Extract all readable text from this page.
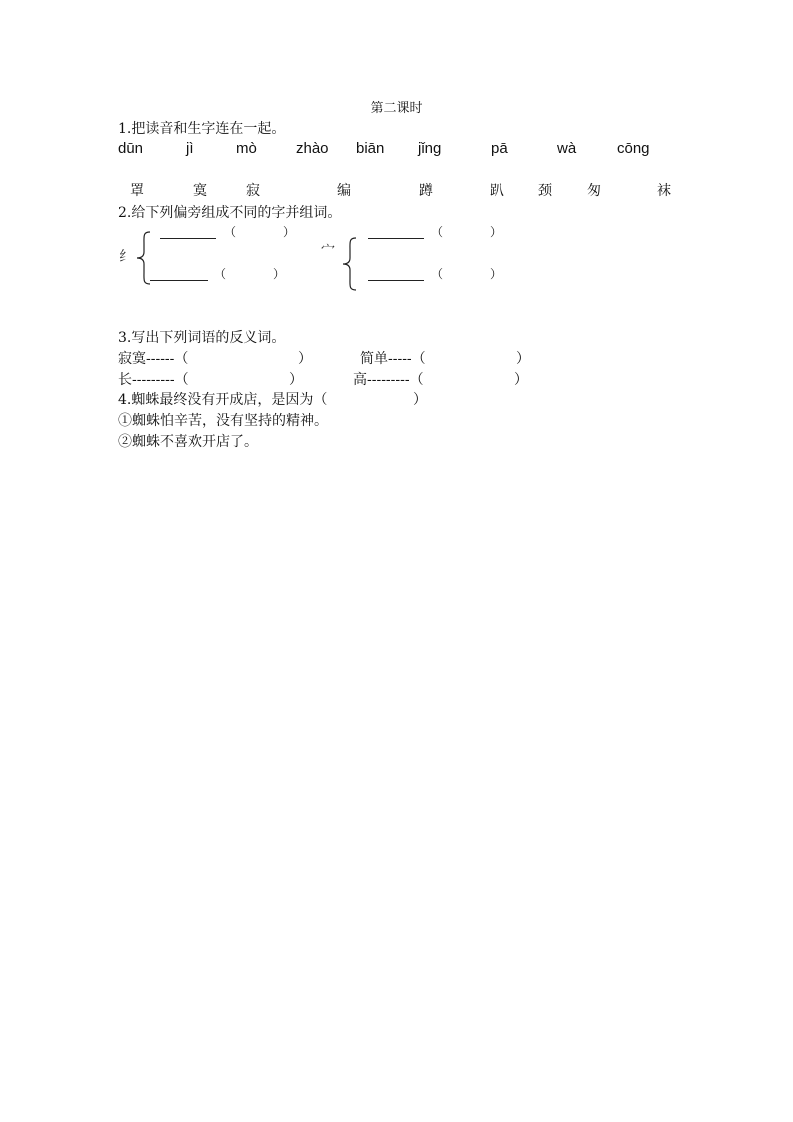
第二课时
1.把读音和生字连在一起。
dūn	jì	mò	zhào biān jǐng	pā	wà	cōng
罩	寞	寂	编	蹲	趴 颈	匆	袜
2.给下列偏旁组成不同的字并组词。
纟
（	）
（	）
宀
（	）
（	）
3.写出下列词语的反义词。
寂寞------（	）	简单-----（	）
长---------（	）	高---------（	）
4.蜘蛛最终没有开成店，是因为（	）
①蜘蛛怕辛苦，没有坚持的精神。
②蜘蛛不喜欢开店了。
